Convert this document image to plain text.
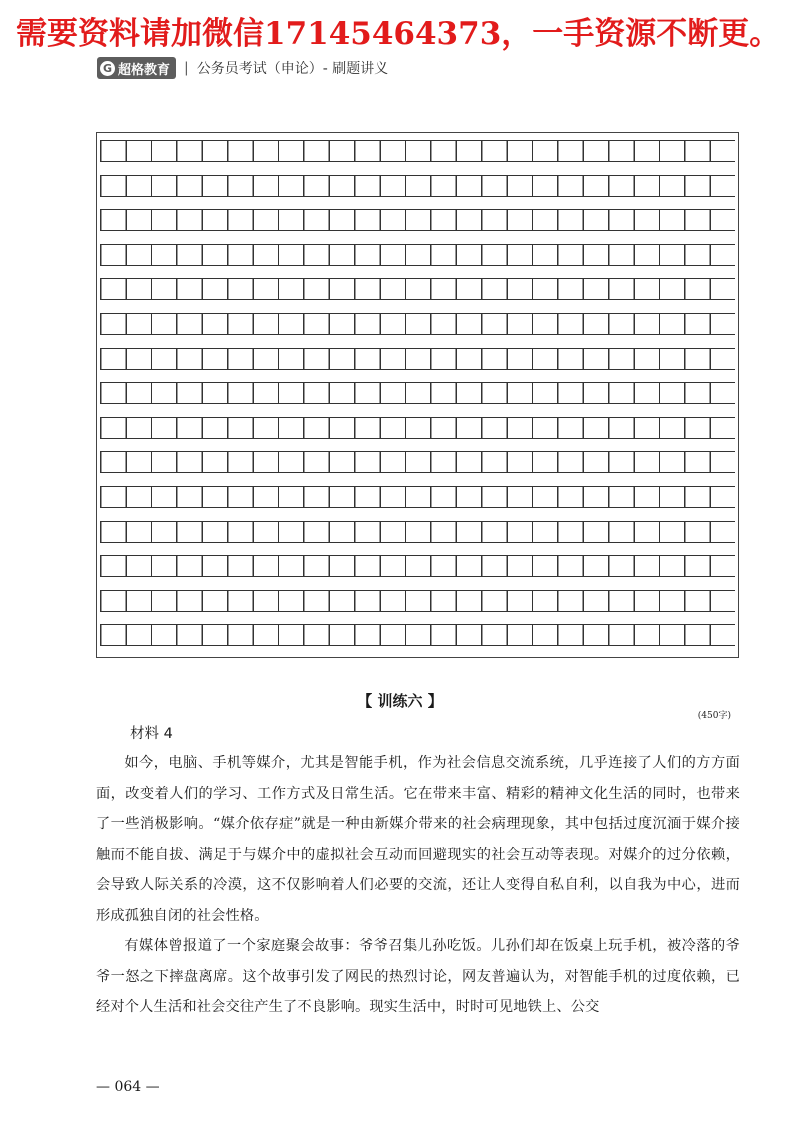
需要资料请加微信17145464373，一手资源不断更。
G 超格教育 | 公务员考试（申论）- 刷题讲义
(450字)
【 训练六 】
材料 4

如今，电脑、手机等媒介，尤其是智能手机，作为社会信息交流系统，几乎连接了人们的方方面面，改变着人们的学习、工作方式及日常生活。它在带来丰富、精彩的精神文化生活的同时，也带来了一些消极影响。“媒介依存症”就是一种由新媒介带来的社会病理现象，其中包括过度沉湎于媒介接触而不能自拔、满足于与媒介中的虚拟社会互动而回避现实的社会互动等表现。对媒介的过分依赖，会导致人际关系的冷漠，这不仅影响着人们必要的交流，还让人变得自私自利，以自我为中心，进而形成孤独自闭的社会性格。

有媒体曾报道了一个家庭聚会故事：爷爷召集儿孙吃饭。儿孙们却在饭桌上玩手机，被冷落的爷爷一怒之下摔盘离席。这个故事引发了网民的热烈讨论，网友普遍认为，对智能手机的过度依赖，已经对个人生活和社会交往产生了不良影响。现实生活中，时时可见地铁上、公交

— 064 —
